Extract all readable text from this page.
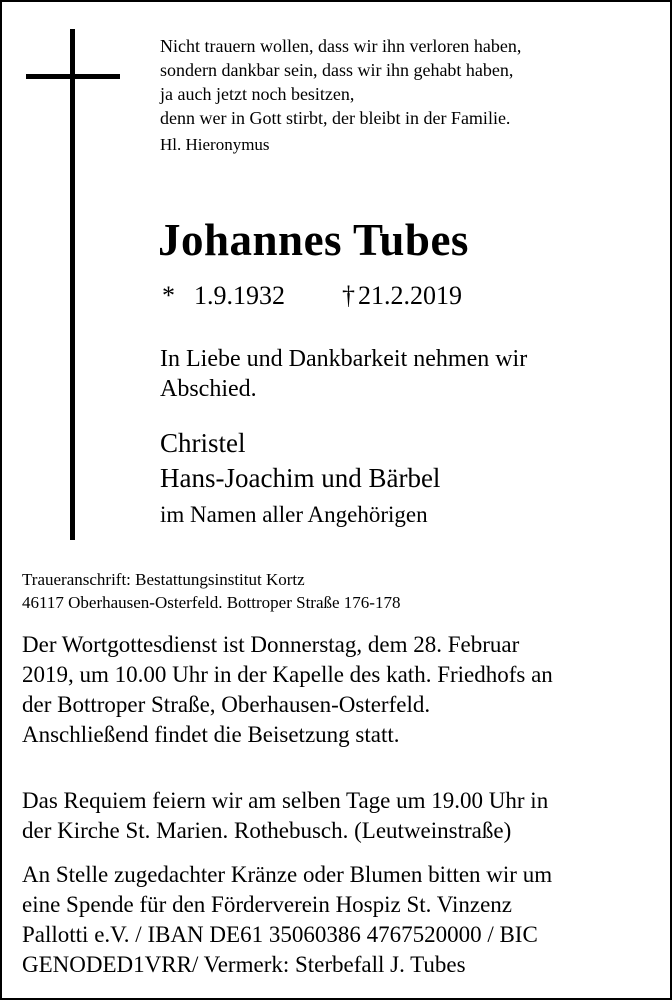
Nicht trauern wollen, dass wir ihn verloren haben,
sondern dankbar sein, dass wir ihn gehabt haben,
ja auch jetzt noch besitzen,
denn wer in Gott stirbt, der bleibt in der Familie.
Hl. Hieronymus
Johannes Tubes
* 1.9.1932 † 21.2.2019
In Liebe und Dankbarkeit nehmen wir Abschied.
Christel
Hans-Joachim und Bärbel
im Namen aller Angehörigen
Traueranschrift: Bestattungsinstitut Kortz
46117 Oberhausen-Osterfeld. Bottroper Straße 176-178
Der Wortgottesdienst ist Donnerstag, dem 28. Februar
2019, um 10.00 Uhr in der Kapelle des kath. Friedhofs an
der Bottroper Straße, Oberhausen-Osterfeld.
Anschließend findet die Beisetzung statt.
Das Requiem feiern wir am selben Tage um 19.00 Uhr in
der Kirche St. Marien. Rothebusch. (Leutweinstraße)
An Stelle zugedachter Kränze oder Blumen bitten wir um
eine Spende für den Förderverein Hospiz St. Vinzenz
Pallotti e.V. / IBAN DE61 35060386 4767520000 / BIC
GENODED1VRR/ Vermerk: Sterbefall J. Tubes
